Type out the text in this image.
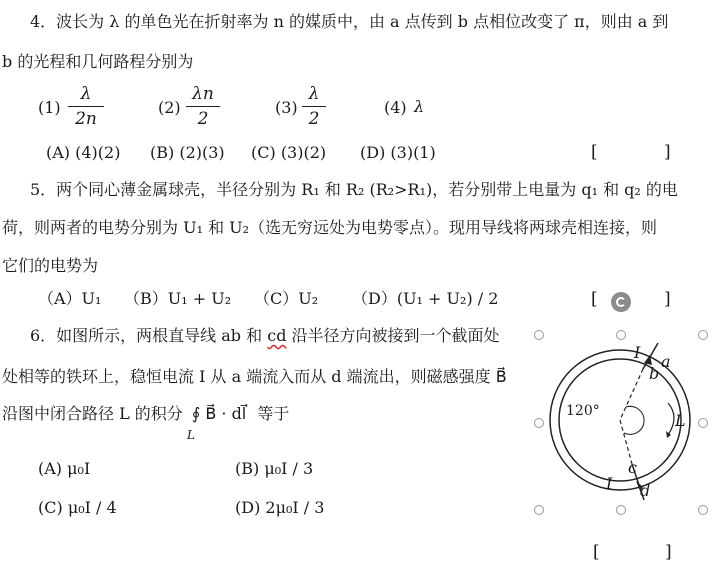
4．波长为 λ 的单色光在折射率为 n 的媒质中，由 a 点传到 b 点相位改变了 π，则由 a 到
b 的光程和几何路程分别为
(1)
λ
2n
(2)
λn
2
(3)
λ
2
(4) λ
(A) (4)(2) (B) (2)(3) (C) (3)(2) (D) (3)(1)	[	]
5．两个同心薄金属球壳，半径分别为 R₁ 和 R₂ (R₂>R₁)，若分别带上电量为 q₁ 和 q₂ 的电
荷，则两者的电势分别为 U₁ 和 U₂（选无穷远处为电势零点）。现用导线将两球壳相连接，则
它们的电势为
（A）U₁ （B）U₁ + U₂ （C）U₂ （D）(U₁ + U₂) / 2	[	]
6．如图所示，两根直导线 ab 和 cd 沿半径方向被接到一个截面处
处相等的铁环上，稳恒电流 I 从 a 端流入而从 d 端流出，则磁感强度 B⃗
沿图中闭合路径 L 的积分 ∮ B⃗ · dl⃗ 等于
L
(A) μ₀I	(B) μ₀I / 3
(C) μ₀I / 4	(D) 2μ₀I / 3
[	]
120°
I a
b
L
c
I d
